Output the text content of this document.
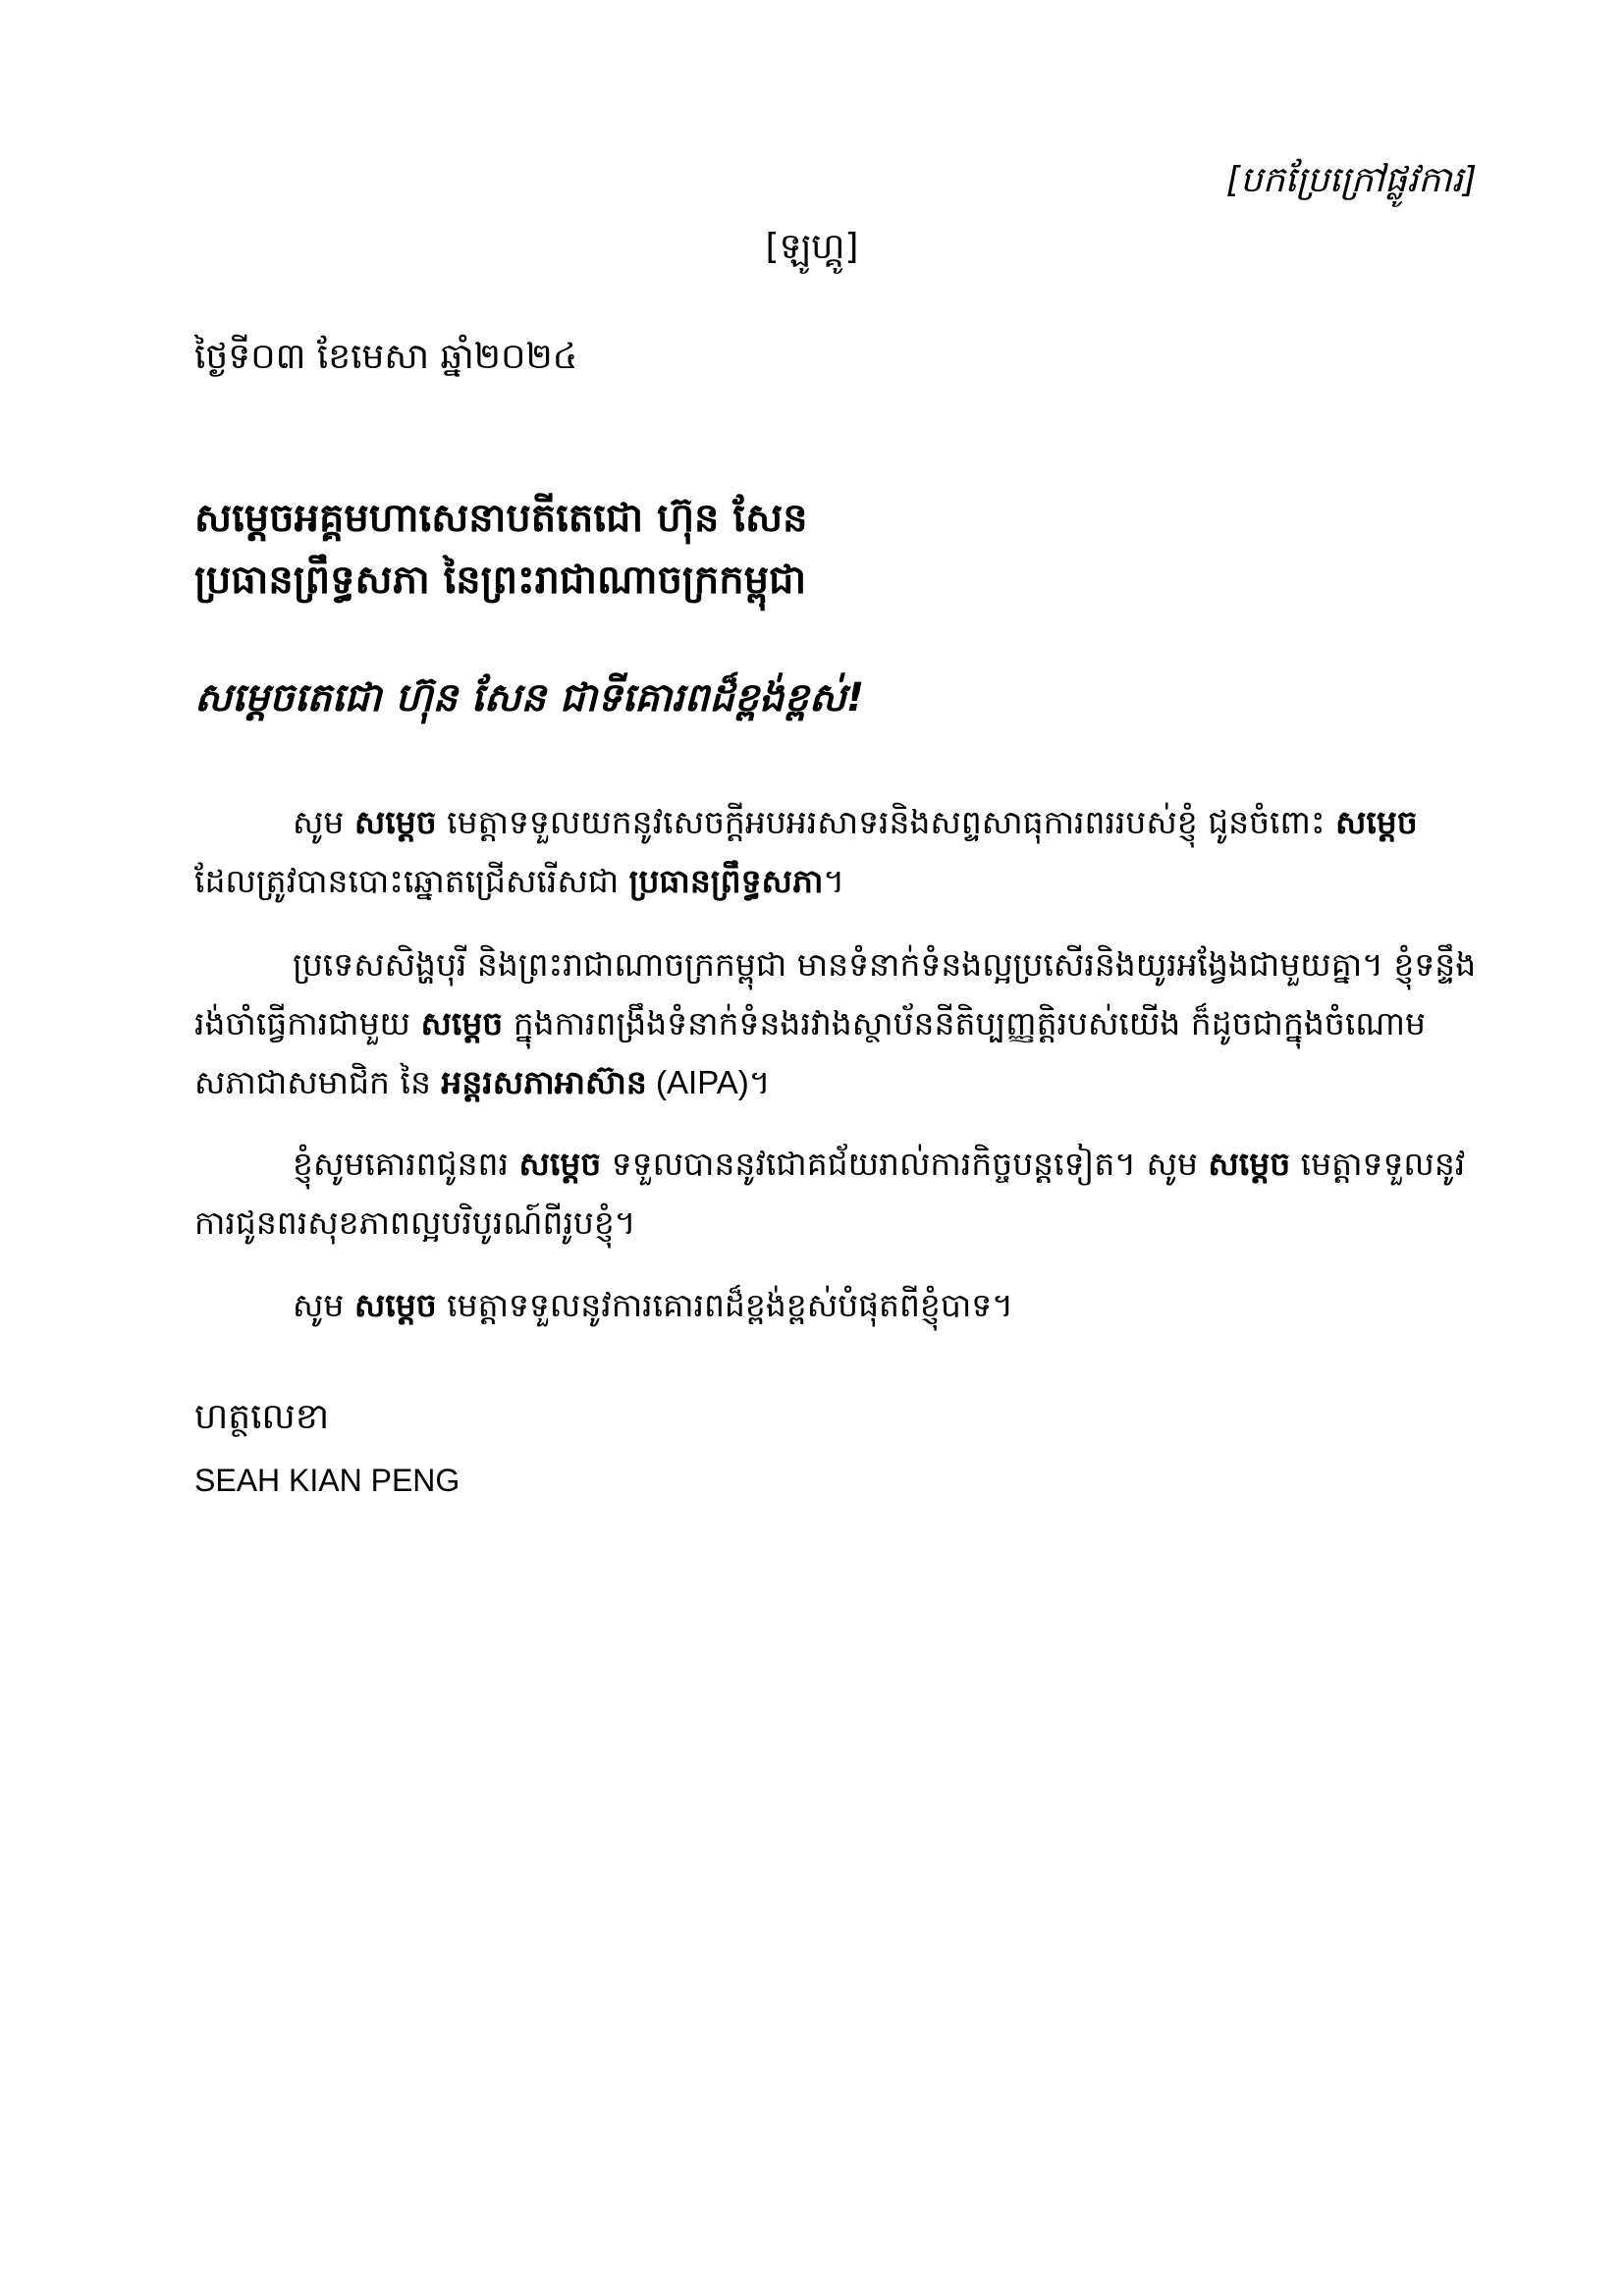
[បកប្រែក្រៅផ្លូវការ]
[ឡូហ្គូ]
ថ្ងៃទី០៣ ខែមេសា ឆ្នាំ២០២៤
សម្តេចអគ្គមហាសេនាបតីតេជោ ហ៊ុន សែន
ប្រធានព្រឹទ្ធសភា នៃព្រះរាជាណាចក្រកម្ពុជា
សម្ដេចតេជោ ហ៊ុន សែន ជាទីគោរពដ៏ខ្ពង់ខ្ពស់!

សូម សម្ដេច មេត្តាទទួលយកនូវសេចក្តីអបអរសាទរនិងសព្ទសាធុការពររបស់ខ្ញុំ ជូនចំពោះ សម្ដេច ដែលត្រូវបានបោះឆ្នោតជ្រើសរើសជា ប្រធានព្រឹទ្ធសភា។

ប្រទេសសិង្ហបុរី និងព្រះរាជាណាចក្រកម្ពុជា មានទំនាក់ទំនងល្អប្រសើរនិងយូរអង្វែងជាមួយគ្នា។ ខ្ញុំទន្ទឹងរង់ចាំធ្វើការជាមួយ សម្ដេច ក្នុងការពង្រឹងទំនាក់ទំនងរវាងស្ថាប័ននីតិប្បញ្ញត្តិរបស់យើង ក៏ដូចជាក្នុងចំណោមសភាជាសមាជិក នៃ អន្តរសភាអាស៊ាន (AIPA)។

ខ្ញុំសូមគោរពជូនពរ សម្ដេច ទទួលបាននូវជោគជ័យរាល់ការកិច្ចបន្តទៀត។ សូម សម្ដេច មេត្តាទទួលនូវការជូនពរសុខភាពល្អបរិបូរណ៍ពីរូបខ្ញុំ។

សូម សម្ដេច មេត្តាទទួលនូវការគោរពដ៏ខ្ពង់ខ្ពស់បំផុតពីខ្ញុំបាទ។

ហត្ថលេខា
SEAH KIAN PENG
